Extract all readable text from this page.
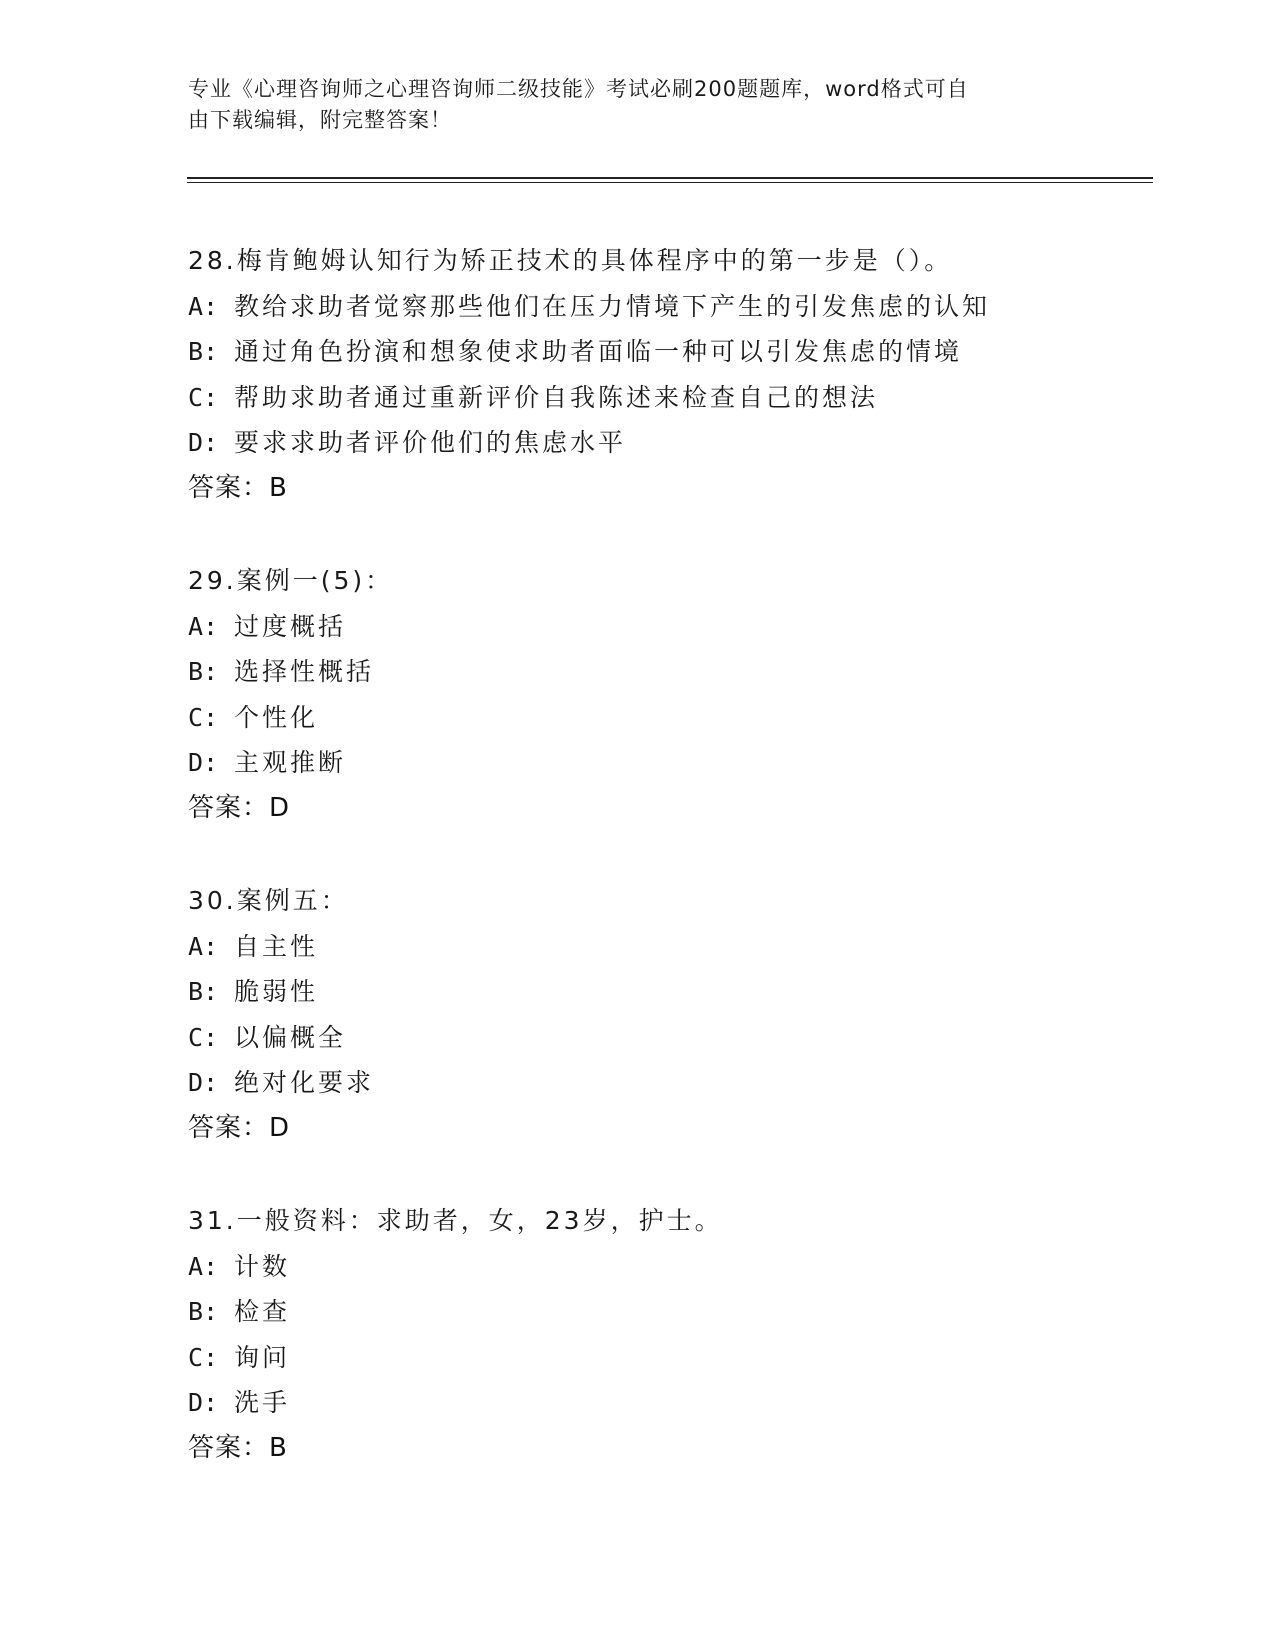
专业《心理咨询师之心理咨询师二级技能》考试必刷200题题库，word格式可自
由下载编辑，附完整答案！
28.梅肯鲍姆认知行为矫正技术的具体程序中的第一步是（）。
A: 教给求助者觉察那些他们在压力情境下产生的引发焦虑的认知
B: 通过角色扮演和想象使求助者面临一种可以引发焦虑的情境
C: 帮助求助者通过重新评价自我陈述来检查自己的想法
D: 要求求助者评价他们的焦虑水平
答案：B
29.案例一(5)：
A: 过度概括
B: 选择性概括
C: 个性化
D: 主观推断
答案：D
30.案例五：
A: 自主性
B: 脆弱性
C: 以偏概全
D: 绝对化要求
答案：D
31.一般资料：求助者，女，23岁，护士。
A: 计数
B: 检查
C: 询问
D: 洗手
答案：B
